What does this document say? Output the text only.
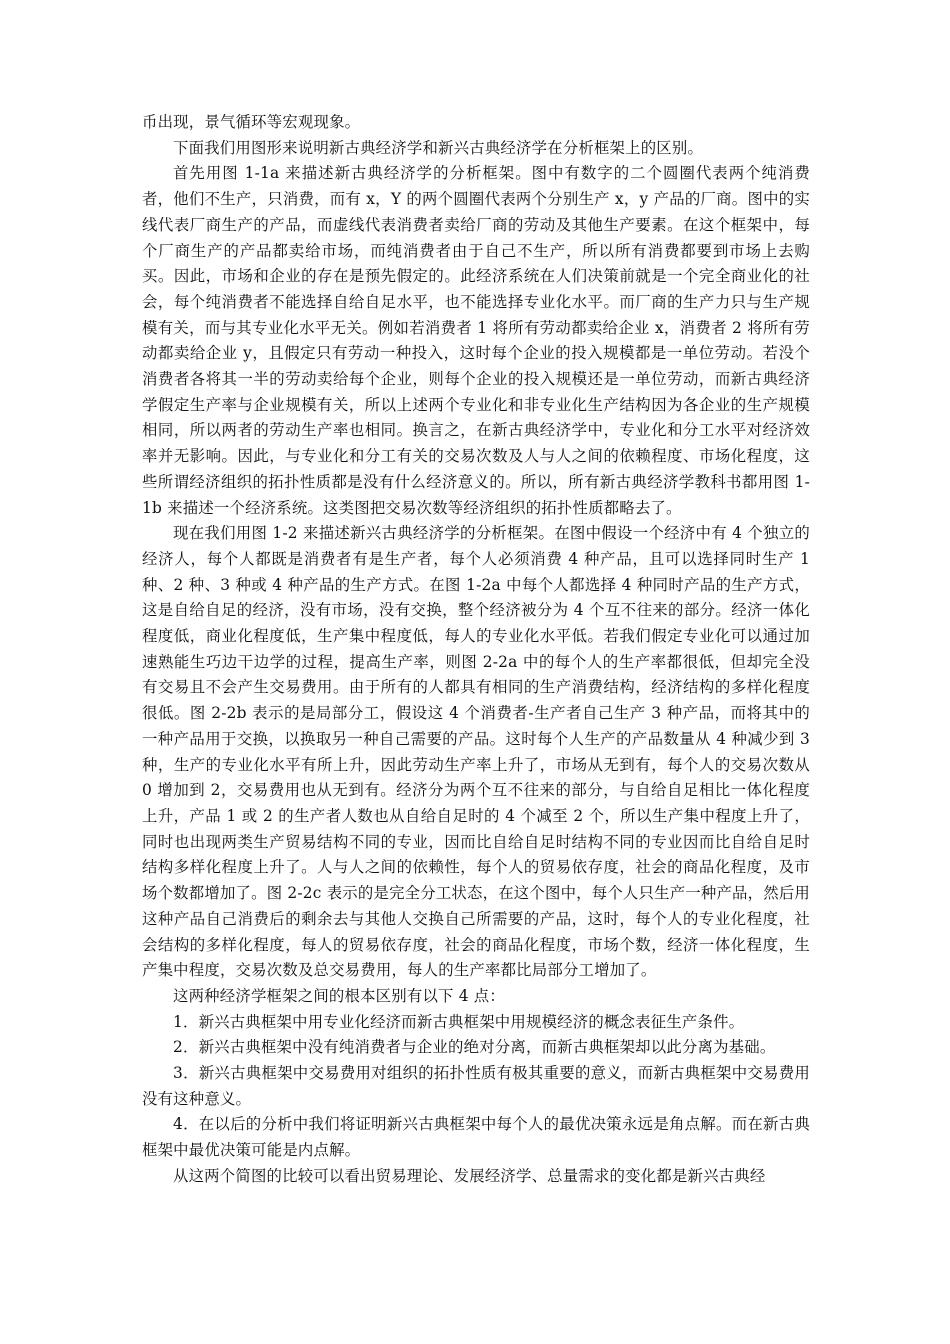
币出现，景气循环等宏观现象。

下面我们用图形来说明新古典经济学和新兴古典经济学在分析框架上的区别。

首先用图 1-1a 来描述新古典经济学的分析框架。图中有数字的二个圆圈代表两个纯消费者，他们不生产，只消费，而有 x，Y 的两个圆圈代表两个分别生产 x，y 产品的厂商。图中的实线代表厂商生产的产品，而虚线代表消费者卖给厂商的劳动及其他生产要素。在这个框架中，每个厂商生产的产品都卖给市场，而纯消费者由于自己不生产，所以所有消费都要到市场上去购买。因此，市场和企业的存在是预先假定的。此经济系统在人们决策前就是一个完全商业化的社会，每个纯消费者不能选择自给自足水平，也不能选择专业化水平。而厂商的生产力只与生产规模有关，而与其专业化水平无关。例如若消费者 1 将所有劳动都卖给企业 x，消费者 2 将所有劳动都卖给企业 y，且假定只有劳动一种投入，这时每个企业的投入规模都是一单位劳动。若没个消费者各将其一半的劳动卖给每个企业，则每个企业的投入规模还是一单位劳动，而新古典经济学假定生产率与企业规模有关，所以上述两个专业化和非专业化生产结构因为各企业的生产规模相同，所以两者的劳动生产率也相同。换言之，在新古典经济学中，专业化和分工水平对经济效率并无影响。因此，与专业化和分工有关的交易次数及人与人之间的依赖程度、市场化程度，这些所谓经济组织的拓扑性质都是没有什么经济意义的。所以，所有新古典经济学教科书都用图 1-1b 来描述一个经济系统。这类图把交易次数等经济组织的拓扑性质都略去了。

现在我们用图 1-2 来描述新兴古典经济学的分析框架。在图中假设一个经济中有 4 个独立的经济人，每个人都既是消费者有是生产者，每个人必须消费 4 种产品，且可以选择同时生产 1 种、2 种、3 种或 4 种产品的生产方式。在图 1-2a 中每个人都选择 4 种同时产品的生产方式，这是自给自足的经济，没有市场，没有交换，整个经济被分为 4 个互不往来的部分。经济一体化程度低，商业化程度低，生产集中程度低，每人的专业化水平低。若我们假定专业化可以通过加速熟能生巧边干边学的过程，提高生产率，则图 2-2a 中的每个人的生产率都很低，但却完全没有交易且不会产生交易费用。由于所有的人都具有相同的生产消费结构，经济结构的多样化程度很低。图 2-2b 表示的是局部分工，假设这 4 个消费者-生产者自己生产 3 种产品，而将其中的一种产品用于交换，以换取另一种自己需要的产品。这时每个人生产的产品数量从 4 种减少到 3 种，生产的专业化水平有所上升，因此劳动生产率上升了，市场从无到有，每个人的交易次数从 0 增加到 2，交易费用也从无到有。经济分为两个互不往来的部分，与自给自足相比一体化程度上升，产品 1 或 2 的生产者人数也从自给自足时的 4 个减至 2 个，所以生产集中程度上升了，同时也出现两类生产贸易结构不同的专业，因而比自给自足时结构不同的专业因而比自给自足时结构多样化程度上升了。人与人之间的依赖性，每个人的贸易依存度，社会的商品化程度，及市场个数都增加了。图 2-2c 表示的是完全分工状态，在这个图中，每个人只生产一种产品，然后用这种产品自己消费后的剩余去与其他人交换自己所需要的产品，这时，每个人的专业化程度，社会结构的多样化程度，每人的贸易依存度，社会的商品化程度，市场个数，经济一体化程度，生产集中程度，交易次数及总交易费用，每人的生产率都比局部分工增加了。

这两种经济学框架之间的根本区别有以下 4 点：

1．新兴古典框架中用专业化经济而新古典框架中用规模经济的概念表征生产条件。

2．新兴古典框架中没有纯消费者与企业的绝对分离，而新古典框架却以此分离为基础。

3．新兴古典框架中交易费用对组织的拓扑性质有极其重要的意义，而新古典框架中交易费用没有这种意义。

4．在以后的分析中我们将证明新兴古典框架中每个人的最优决策永远是角点解。而在新古典框架中最优决策可能是内点解。

从这两个简图的比较可以看出贸易理论、发展经济学、总量需求的变化都是新兴古典经
